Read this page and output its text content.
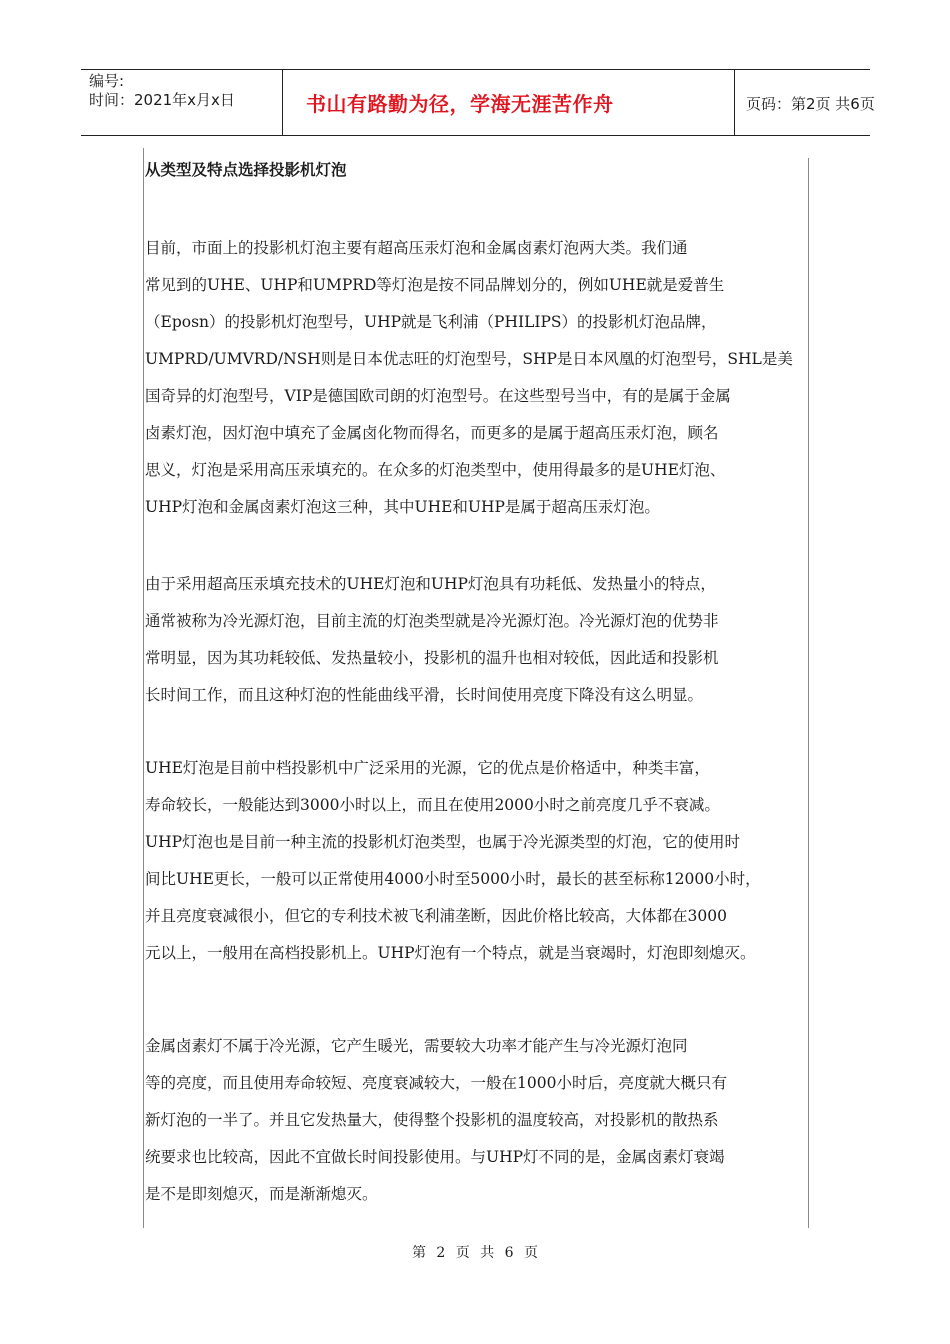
编号:
时间：2021年x月x日	书山有路勤为径，学海无涯苦作舟	页码：第2页 共6页
从类型及特点选择投影机灯泡
目前，市面上的投影机灯泡主要有超高压汞灯泡和金属卤素灯泡两大类。我们通
常见到的UHE、UHP和UMPRD等灯泡是按不同品牌划分的，例如UHE就是爱普生
（Eposn）的投影机灯泡型号，UHP就是飞利浦（PHILIPS）的投影机灯泡品牌，
UMPRD/UMVRD/NSH则是日本优志旺的灯泡型号，SHP是日本风凰的灯泡型号，SHL是美
国奇异的灯泡型号，VIP是德国欧司朗的灯泡型号。在这些型号当中，有的是属于金属
卤素灯泡，因灯泡中填充了金属卤化物而得名，而更多的是属于超高压汞灯泡，顾名
思义，灯泡是采用高压汞填充的。在众多的灯泡类型中，使用得最多的是UHE灯泡、
UHP灯泡和金属卤素灯泡这三种，其中UHE和UHP是属于超高压汞灯泡。
由于采用超高压汞填充技术的UHE灯泡和UHP灯泡具有功耗低、发热量小的特点，
通常被称为冷光源灯泡，目前主流的灯泡类型就是冷光源灯泡。冷光源灯泡的优势非
常明显，因为其功耗较低、发热量较小，投影机的温升也相对较低，因此适和投影机
长时间工作，而且这种灯泡的性能曲线平滑，长时间使用亮度下降没有这么明显。
UHE灯泡是目前中档投影机中广泛采用的光源，它的优点是价格适中，种类丰富，
寿命较长，一般能达到3000小时以上，而且在使用2000小时之前亮度几乎不衰减。
UHP灯泡也是目前一种主流的投影机灯泡类型，也属于冷光源类型的灯泡，它的使用时
间比UHE更长，一般可以正常使用4000小时至5000小时，最长的甚至标称12000小时，
并且亮度衰减很小，但它的专利技术被飞利浦垄断，因此价格比较高，大体都在3000
元以上，一般用在高档投影机上。UHP灯泡有一个特点，就是当衰竭时，灯泡即刻熄灭。
金属卤素灯不属于冷光源，它产生暖光，需要较大功率才能产生与冷光源灯泡同
等的亮度，而且使用寿命较短、亮度衰减较大，一般在1000小时后，亮度就大概只有
新灯泡的一半了。并且它发热量大，使得整个投影机的温度较高，对投影机的散热系
统要求也比较高，因此不宜做长时间投影使用。与UHP灯不同的是，金属卤素灯衰竭
是不是即刻熄灭，而是渐渐熄灭。
第 2 页 共 6 页
